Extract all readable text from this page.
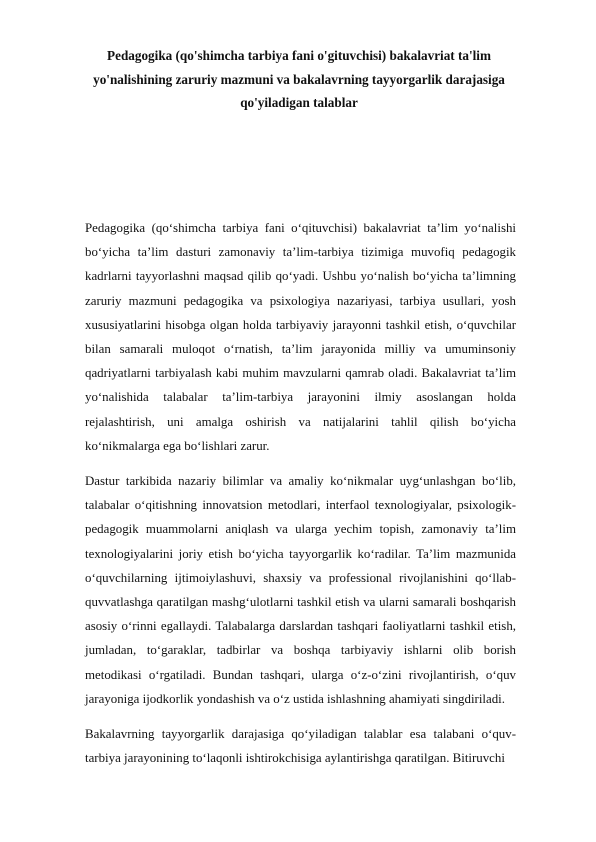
Pedagogika (qo'shimcha tarbiya fani o'gituvchisi) bakalavriat ta'lim yo'nalishining zaruriy mazmuni va bakalavrning tayyorgarlik darajasiga qo'yiladigan talablar

Pedagogika (qo‘shimcha tarbiya fani o‘qituvchisi) bakalavriat ta’lim yo‘nalishi bo‘yicha ta’lim dasturi zamonaviy ta’lim-tarbiya tizimiga muvofiq pedagogik kadrlarni tayyorlashni maqsad qilib qo‘yadi. Ushbu yo‘nalish bo‘yicha ta’limning zaruriy mazmuni pedagogika va psixologiya nazariyasi, tarbiya usullari, yosh xususiyatlarini hisobga olgan holda tarbiyaviy jarayonni tashkil etish, o‘quvchilar bilan samarali muloqot o‘rnatish, ta’lim jarayonida milliy va umuminsoniy qadriyatlarni tarbiyalash kabi muhim mavzularni qamrab oladi. Bakalavriat ta’lim yo‘nalishida talabalar ta’lim-tarbiya jarayonini ilmiy asoslangan holda rejalashtirish, uni amalga oshirish va natijalarini tahlil qilish bo‘yicha ko‘nikmalarga ega bo‘lishlari zarur.

Dastur tarkibida nazariy bilimlar va amaliy ko‘nikmalar uyg‘unlashgan bo‘lib, talabalar o‘qitishning innovatsion metodlari, interfaol texnologiyalar, psixologik-pedagogik muammolarni aniqlash va ularga yechim topish, zamonaviy ta’lim texnologiyalarini joriy etish bo‘yicha tayyorgarlik ko‘radilar. Ta’lim mazmunida o‘quvchilarning ijtimoiylashuvi, shaxsiy va professional rivojlanishini qo‘llab-quvvatlashga qaratilgan mashg‘ulotlarni tashkil etish va ularni samarali boshqarish asosiy o‘rinni egallaydi. Talabalarga darslardan tashqari faoliyatlarni tashkil etish, jumladan, to‘garaklar, tadbirlar va boshqa tarbiyaviy ishlarni olib borish metodikasi o‘rgatiladi. Bundan tashqari, ularga o‘z-o‘zini rivojlantirish, o‘quv jarayoniga ijodkorlik yondashish va o‘z ustida ishlashning ahamiyati singdiriladi.

Bakalavrning tayyorgarlik darajasiga qo‘yiladigan talablar esa talabani o‘quv-tarbiya jarayonining to‘laqonli ishtirokchisiga aylantirishga qaratilgan. Bitiruvchi
